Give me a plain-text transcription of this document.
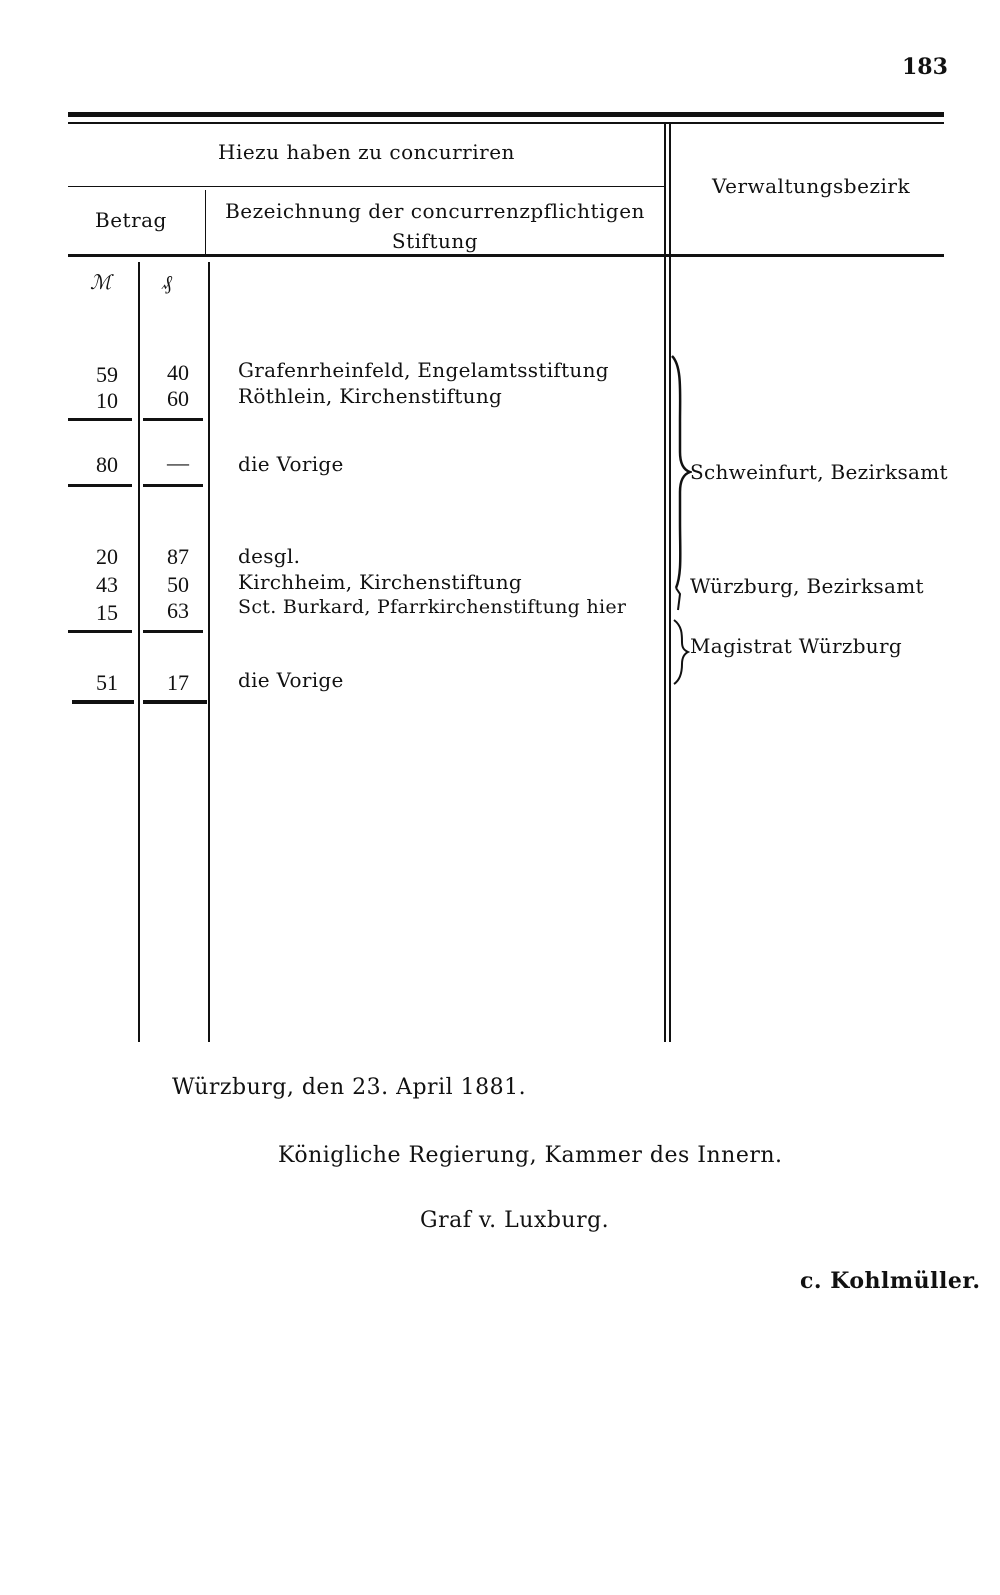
183
Hiezu haben zu concurriren
Betrag	Bezeichnung der concurrenzpflichtigen Stiftung
Verwaltungsbezirk
ℳ	₰
59	40 Grafenrheinfeld, Engelamtsstiftung
10	60 Röthlein, Kirchenstiftung
80	— die Vorige
20	87 desgl.
43	50 Kirchheim, Kirchenstiftung
15	63	Sct. Burkard, Pfarrkirchenstiftung hier
51	17 die Vorige
Schweinfurt, Bezirksamt
Würzburg, Bezirksamt
Magistrat Würzburg
Würzburg, den 23. April 1881.
Königliche Regierung, Kammer des Innern.
Graf v. Luxburg.
c. Kohlmüller.
